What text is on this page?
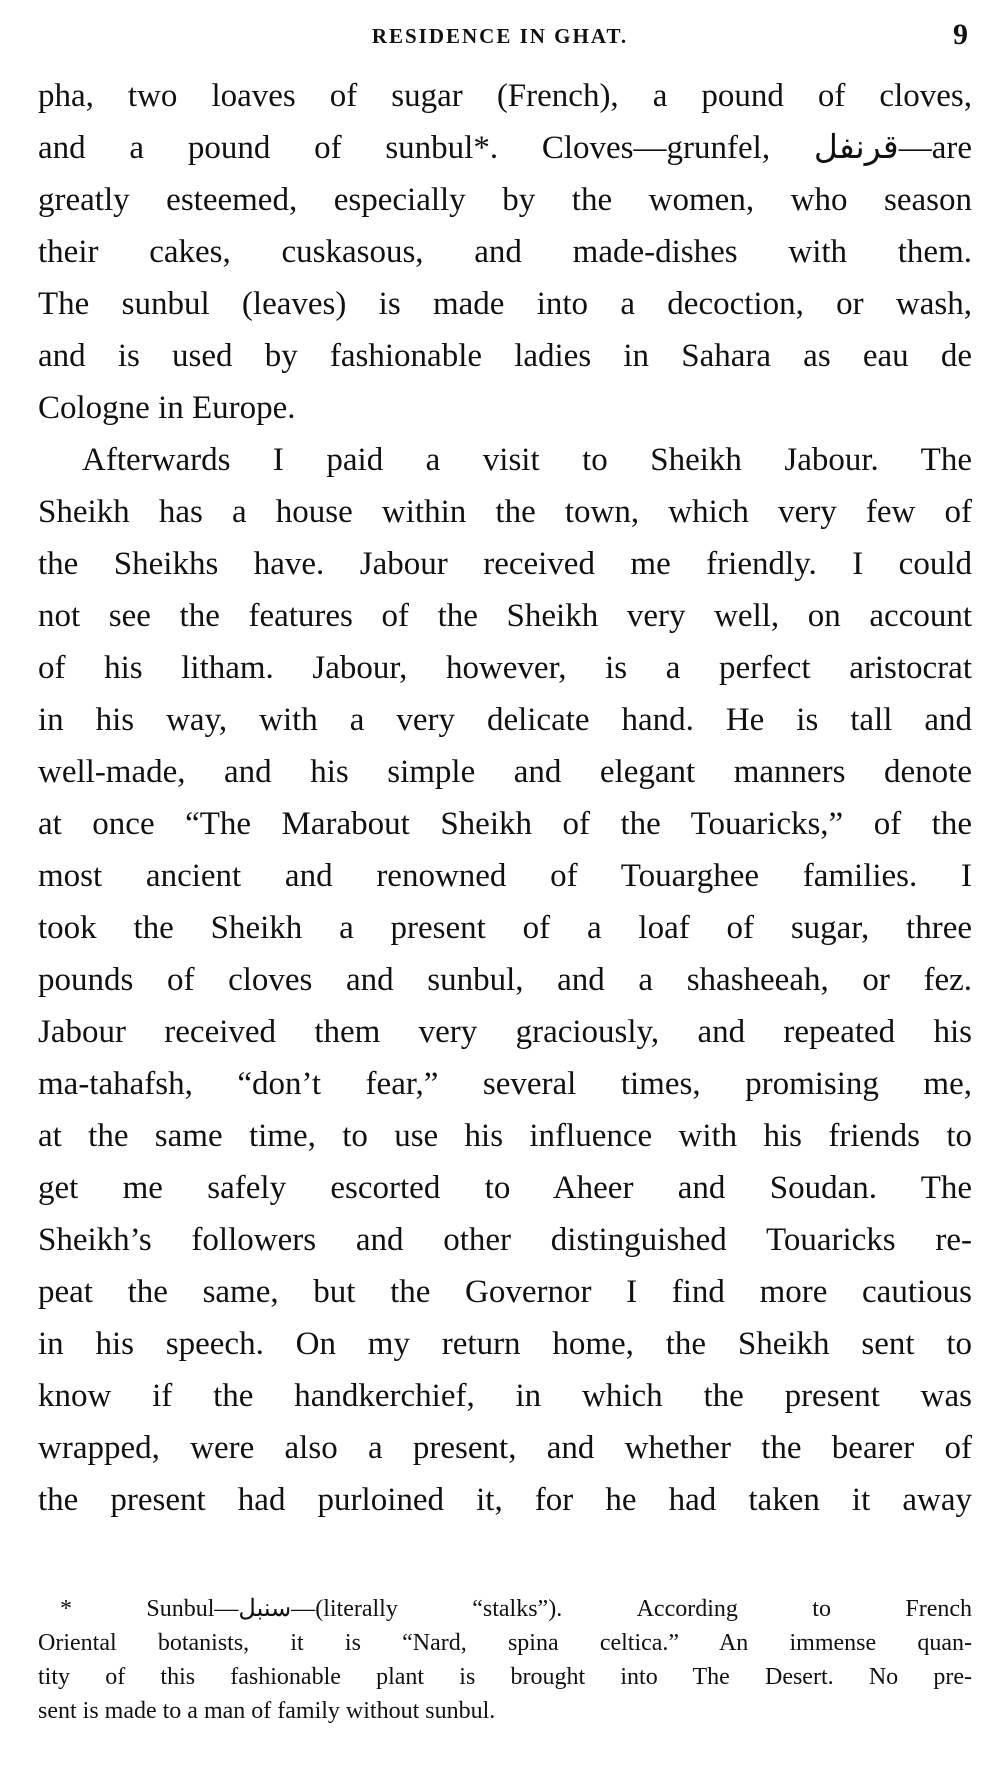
RESIDENCE IN GHAT.	9
pha, two loaves of sugar (French), a pound of cloves,
and a pound of sunbul*. Cloves—grunfel, قرنفل—are
greatly esteemed, especially by the women, who season
their cakes, cuskasous, and made-dishes with them.
The sunbul (leaves) is made into a decoction, or wash,
and is used by fashionable ladies in Sahara as eau de
Cologne in Europe.
Afterwards I paid a visit to Sheikh Jabour. The
Sheikh has a house within the town, which very few of
the Sheikhs have. Jabour received me friendly. I could
not see the features of the Sheikh very well, on account
of his litham. Jabour, however, is a perfect aristocrat
in his way, with a very delicate hand. He is tall and
well-made, and his simple and elegant manners denote
at once “The Marabout Sheikh of the Touaricks,” of the
most ancient and renowned of Touarghee families. I
took the Sheikh a present of a loaf of sugar, three
pounds of cloves and sunbul, and a shasheeah, or fez.
Jabour received them very graciously, and repeated his
ma-tahafsh, “don’t fear,” several times, promising me,
at the same time, to use his influence with his friends to
get me safely escorted to Aheer and Soudan. The
Sheikh’s followers and other distinguished Touaricks re-
peat the same, but the Governor I find more cautious
in his speech. On my return home, the Sheikh sent to
know if the handkerchief, in which the present was
wrapped, were also a present, and whether the bearer of
the present had purloined it, for he had taken it away
* Sunbul—سنبل—(literally “stalks”). According to French
Oriental botanists, it is “Nard, spina celtica.” An immense quan-
tity of this fashionable plant is brought into The Desert. No pre-
sent is made to a man of family without sunbul.
